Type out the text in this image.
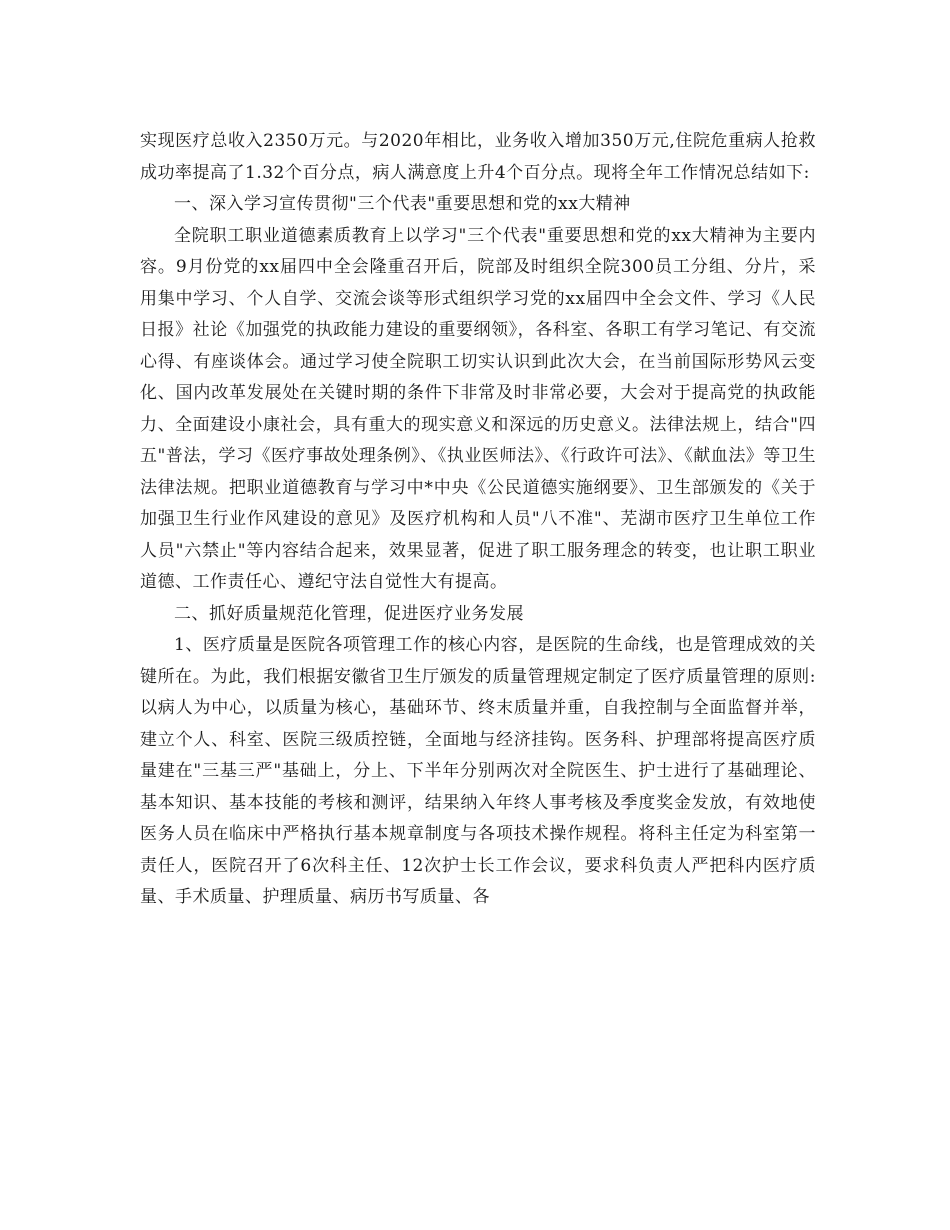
实现医疗总收入2350万元。与2020年相比，业务收入增加350万元,住院危重病人抢救成功率提高了1.32个百分点，病人满意度上升4个百分点。现将全年工作情况总结如下:

一、深入学习宣传贯彻"三个代表"重要思想和党的xx大精神

全院职工职业道德素质教育上以学习"三个代表"重要思想和党的xx大精神为主要内容。9月份党的xx届四中全会隆重召开后，院部及时组织全院300员工分组、分片，采用集中学习、个人自学、交流会谈等形式组织学习党的xx届四中全会文件、学习《人民日报》社论《加强党的执政能力建设的重要纲领》，各科室、各职工有学习笔记、有交流心得、有座谈体会。通过学习使全院职工切实认识到此次大会，在当前国际形势风云变化、国内改革发展处在关键时期的条件下非常及时非常必要，大会对于提高党的执政能力、全面建设小康社会，具有重大的现实意义和深远的历史意义。法律法规上，结合"四五"普法，学习《医疗事故处理条例》、《执业医师法》、《行政许可法》、《献血法》等卫生法律法规。把职业道德教育与学习中*中央《公民道德实施纲要》、卫生部颁发的《关于加强卫生行业作风建设的意见》及医疗机构和人员"八不准"、芜湖市医疗卫生单位工作人员"六禁止"等内容结合起来，效果显著，促进了职工服务理念的转变，也让职工职业道德、工作责任心、遵纪守法自觉性大有提高。

二、抓好质量规范化管理，促进医疗业务发展

1、医疗质量是医院各项管理工作的核心内容，是医院的生命线，也是管理成效的关键所在。为此，我们根据安徽省卫生厅颁发的质量管理规定制定了医疗质量管理的原则:以病人为中心，以质量为核心，基础环节、终末质量并重，自我控制与全面监督并举，建立个人、科室、医院三级质控链，全面地与经济挂钩。医务科、护理部将提高医疗质量建在"三基三严"基础上，分上、下半年分别两次对全院医生、护士进行了基础理论、基本知识、基本技能的考核和测评，结果纳入年终人事考核及季度奖金发放，有效地使医务人员在临床中严格执行基本规章制度与各项技术操作规程。将科主任定为科室第一责任人，医院召开了6次科主任、12次护士长工作会议，要求科负责人严把科内医疗质量、手术质量、护理质量、病历书写质量、各
